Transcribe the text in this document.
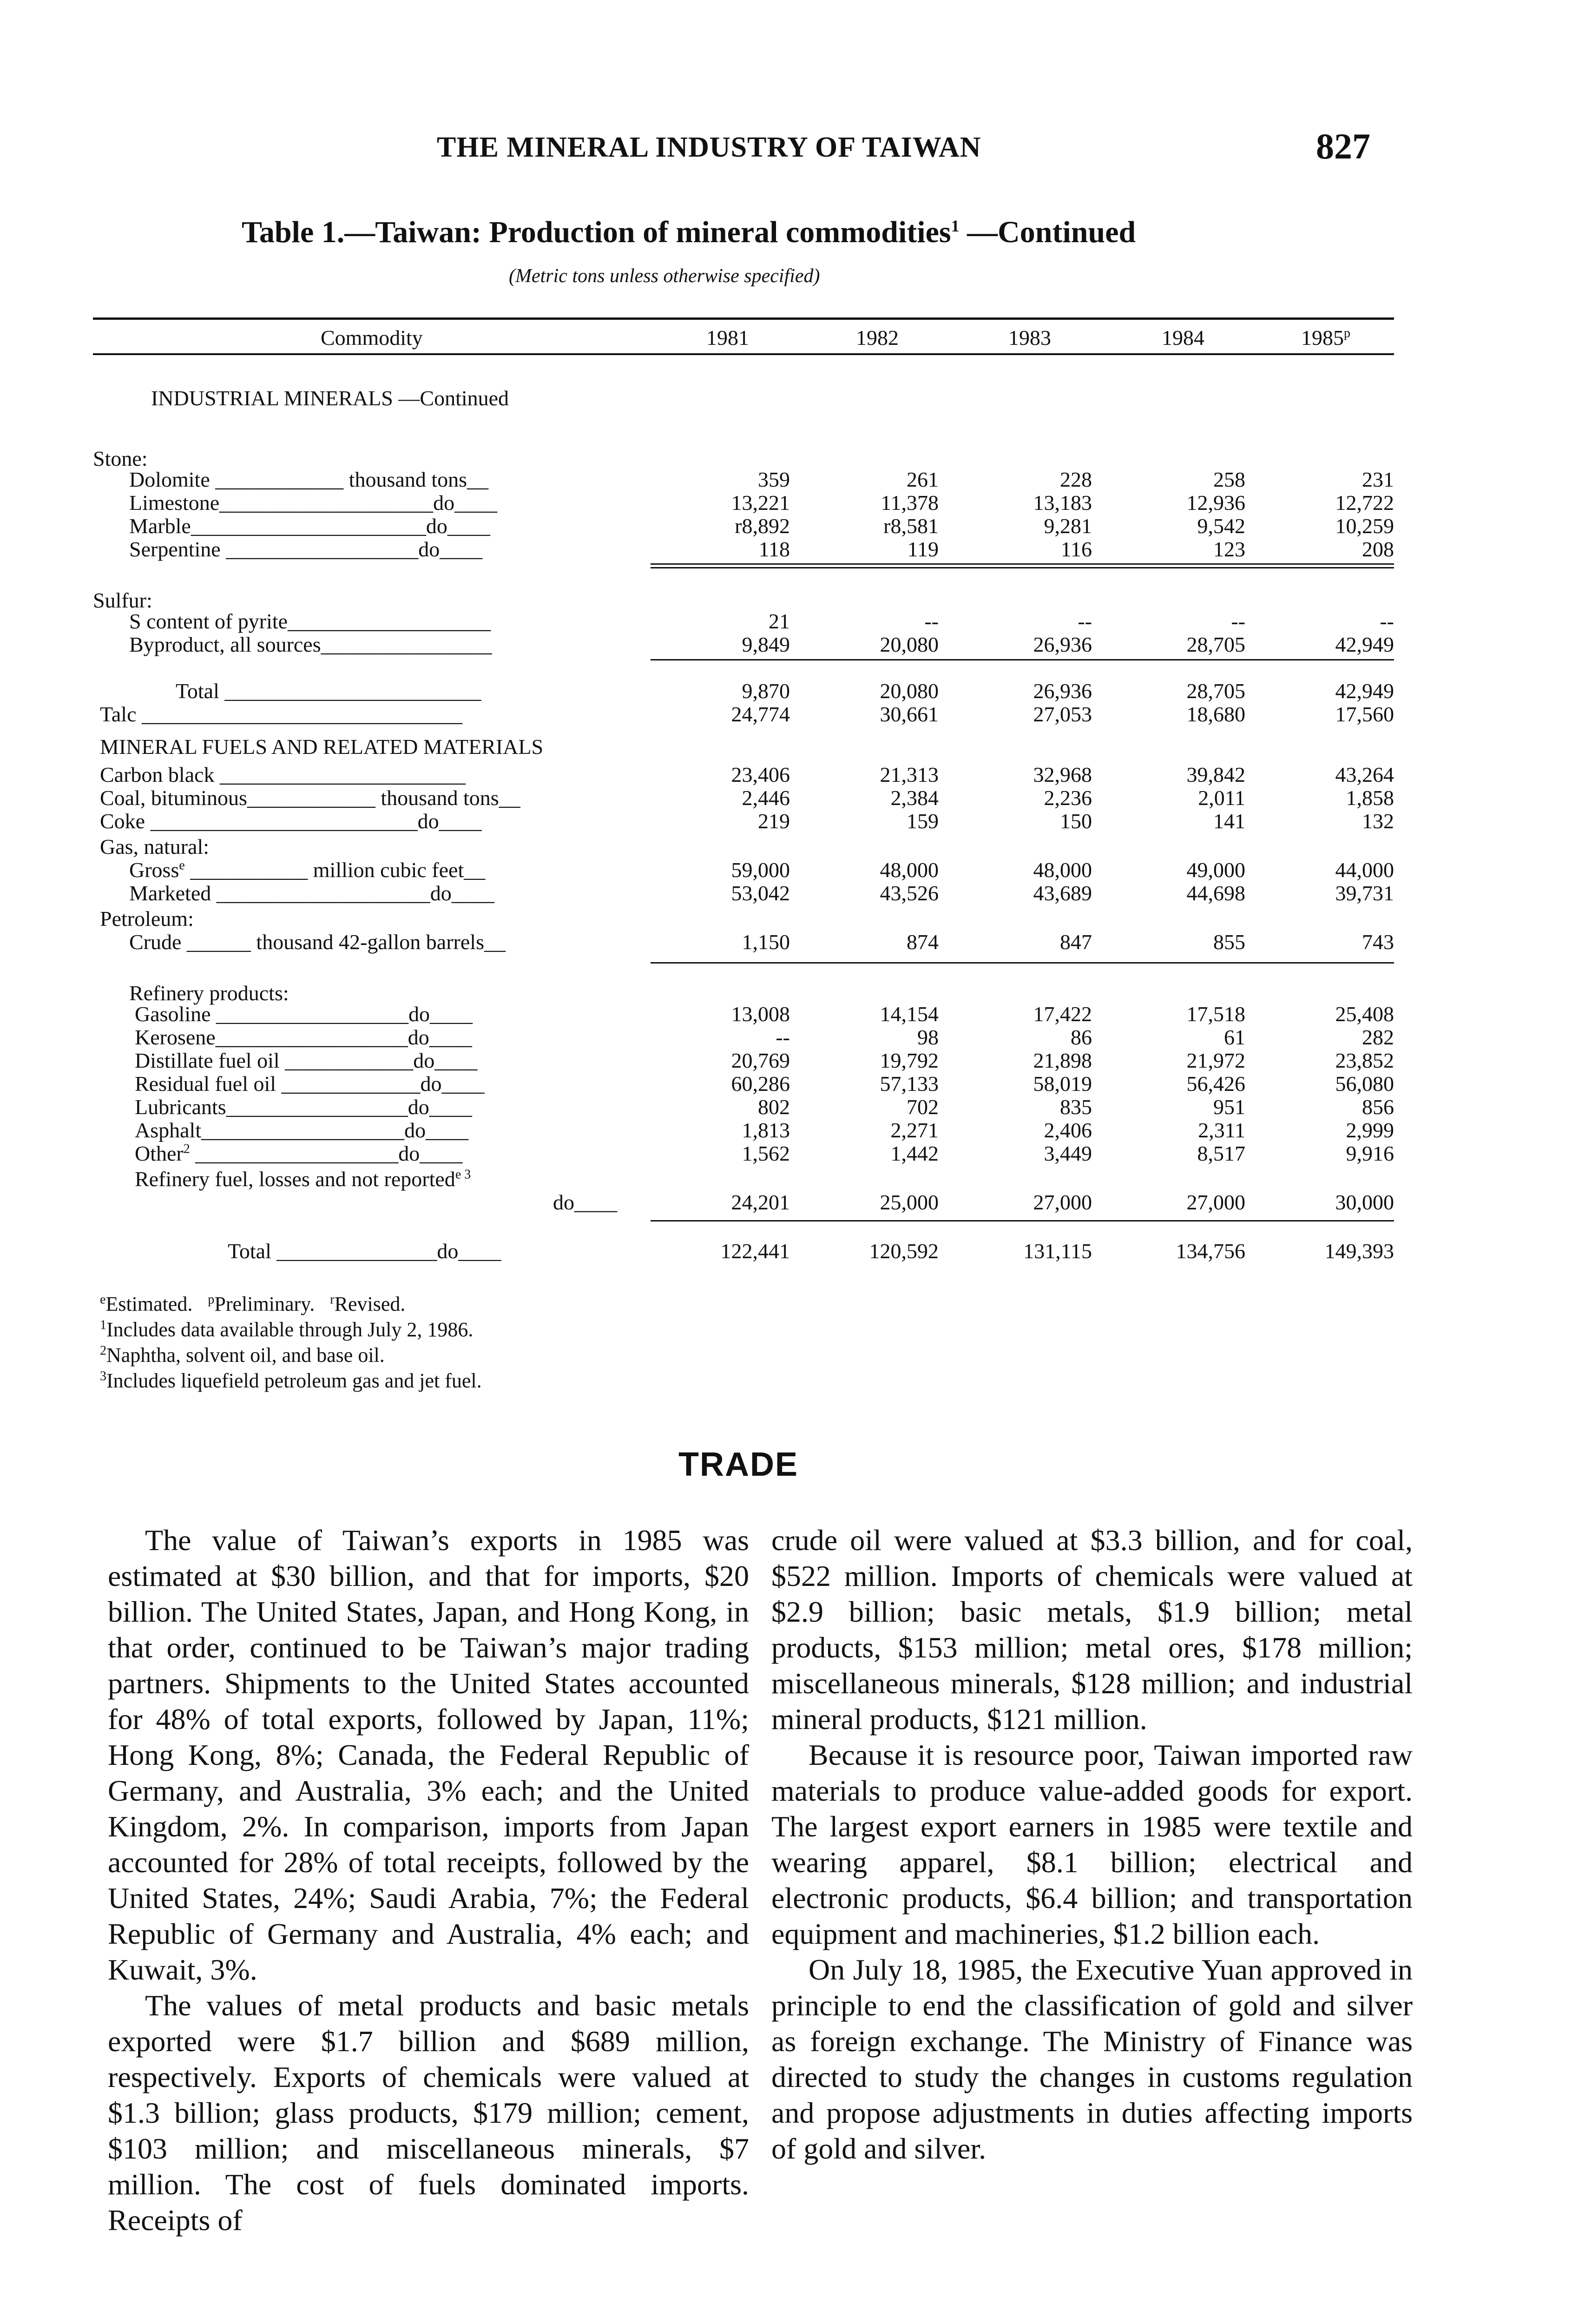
THE MINERAL INDUSTRY OF TAIWAN	827
Table 1.—Taiwan: Production of mineral commodities$^1$ —Continued
(Metric tons unless otherwise specified)
Commodity	1981	1982	1983	1984	1985$^p$
INDUSTRIAL MINERALS —Continued
Stone:
Dolomite ____________ thousand tons__	359	261	228	258	231
Limestone____________________do____	13,221	11,378	13,183	12,936	12,722
Marble______________________do____	r8,892	r8,581	9,281	9,542	10,259
Serpentine __________________do____	118	119	116	123	208
Sulfur:
S content of pyrite___________________	21	--	--	--	--
Byproduct, all sources________________	9,849	20,080	26,936	28,705	42,949
Total ________________________	9,870	20,080	26,936	28,705	42,949
Talc ______________________________	24,774	30,661	27,053	18,680	17,560
MINERAL FUELS AND RELATED MATERIALS
Carbon black _______________________	23,406	21,313	32,968	39,842	43,264
Coal, bituminous____________ thousand tons__	2,446	2,384	2,236	2,011	1,858
Coke _________________________do____	219	159	150	141	132
Gas, natural:
Gross$^e$ ___________ million cubic feet__	59,000	48,000	48,000	49,000	44,000
Marketed ____________________do____	53,042	43,526	43,689	44,698	39,731
Petroleum:
Crude ______ thousand 42-gallon barrels__	1,150	874	847	855	743
Refinery products:
Gasoline __________________do____	13,008	14,154	17,422	17,518	25,408
Kerosene__________________do____	--	98	86	61	282
Distillate fuel oil ____________do____	20,769	19,792	21,898	21,972	23,852
Residual fuel oil _____________do____	60,286	57,133	58,019	56,426	56,080
Lubricants_________________do____	802	702	835	951	856
Asphalt___________________do____	1,813	2,271	2,406	2,311	2,999
Other$^2$ ___________________do____	1,562	1,442	3,449	8,517	9,916
Refinery fuel, losses and not reported$^{e 3}$
do____	24,201	25,000	27,000	27,000	30,000
Total _______________do____	122,441	120,592	131,115	134,756	149,393
$^e$Estimated. $^p$Preliminary. $^r$Revised.
$^1$Includes data available through July 2, 1986.
$^2$Naphtha, solvent oil, and base oil.
$^3$Includes liquefield petroleum gas and jet fuel.
TRADE

The value of Taiwan’s exports in 1985 was estimated at $30 billion, and that for imports, $20 billion. The United States, Japan, and Hong Kong, in that order, continued to be Taiwan’s major trading partners. Shipments to the United States accounted for 48% of total exports, followed by Japan, 11%; Hong Kong, 8%; Canada, the Federal Republic of Germany, and Australia, 3% each; and the United Kingdom, 2%. In comparison, imports from Japan accounted for 28% of total receipts, followed by the United States, 24%; Saudi Arabia, 7%; the Federal Republic of Germany and Australia, 4% each; and Kuwait, 3%.

The values of metal products and basic metals exported were $1.7 billion and $689 million, respectively. Exports of chemicals were valued at $1.3 billion; glass products, $179 million; cement, $103 million; and miscellaneous minerals, $7 million. The cost of fuels dominated imports. Receipts of

crude oil were valued at $3.3 billion, and for coal, $522 million. Imports of chemicals were valued at $2.9 billion; basic metals, $1.9 billion; metal products, $153 million; metal ores, $178 million; miscellaneous minerals, $128 million; and industrial mineral products, $121 million.

Because it is resource poor, Taiwan imported raw materials to produce value-added goods for export. The largest export earners in 1985 were textile and wearing apparel, $8.1 billion; electrical and electronic products, $6.4 billion; and transportation equipment and machineries, $1.2 billion each.

On July 18, 1985, the Executive Yuan approved in principle to end the classification of gold and silver as foreign exchange. The Ministry of Finance was directed to study the changes in customs regulation and propose adjustments in duties affecting imports of gold and silver.
